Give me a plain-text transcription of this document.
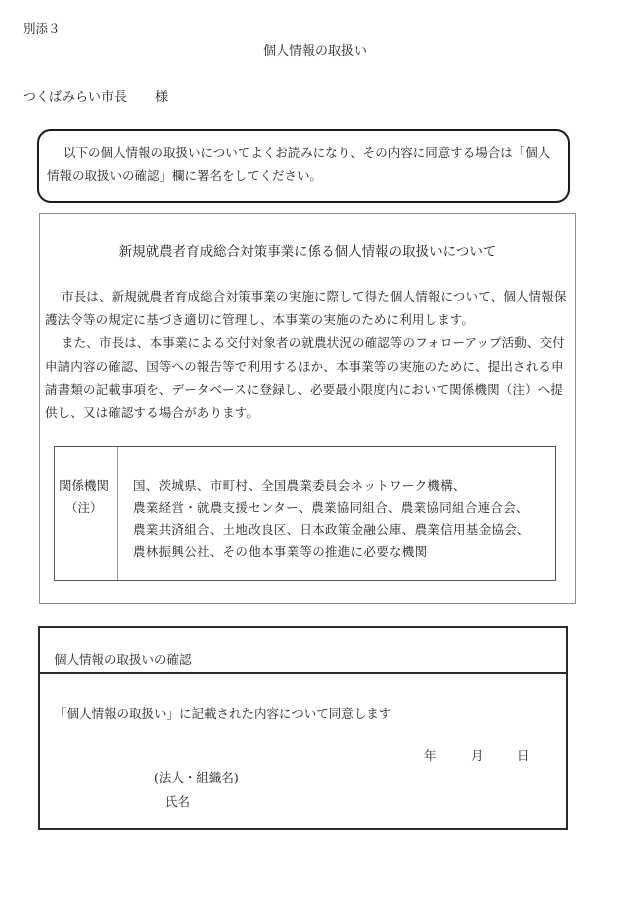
別添３
個人情報の取扱い
つくばみらい市長 様
以下の個人情報の取扱いについてよくお読みになり、その内容に同意する場合は「個人情報の取扱いの確認」欄に署名をしてください。
新規就農者育成総合対策事業に係る個人情報の取扱いについて

市長は、新規就農者育成総合対策事業の実施に際して得た個人情報について、個人情報保護法令等の規定に基づき適切に管理し、本事業の実施のために利用します。

また、市長は、本事業による交付対象者の就農状況の確認等のフォローアップ活動、交付申請内容の確認、国等への報告等で利用するほか、本事業等の実施のために、提出される申請書類の記載事項を、データベースに登録し、必要最小限度内において関係機関（注）へ提供し、又は確認する場合があります。

関係機関
（注）
国、茨城県、市町村、全国農業委員会ネットワーク機構、
農業経営・就農支援センター、農業協同組合、農業協同組合連合会、
農業共済組合、土地改良区、日本政策金融公庫、農業信用基金協会、
農林振興公社、その他本事業等の推進に必要な機関
個人情報の取扱いの確認
「個人情報の取扱い」に記載された内容について同意します
年	月	日
(法人・組織名)
氏名
